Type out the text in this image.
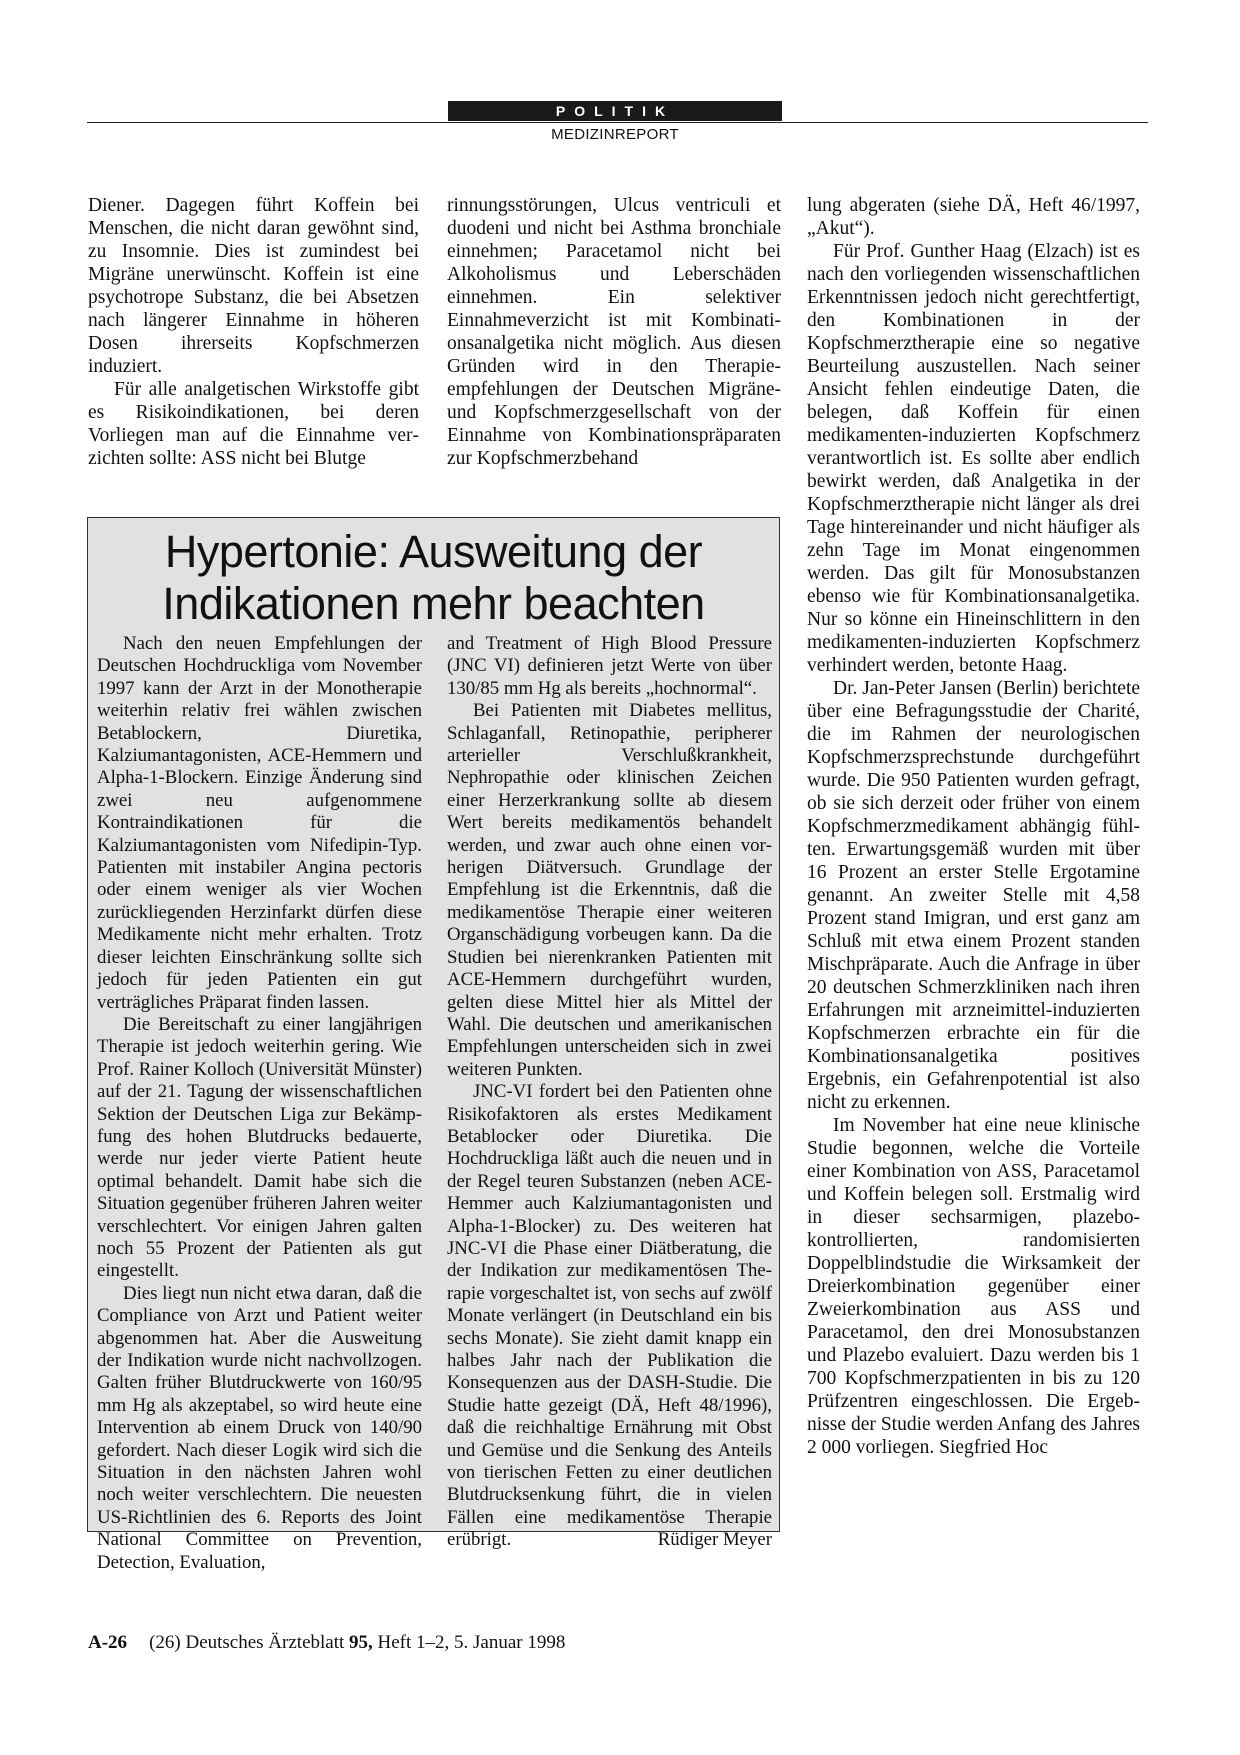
POLITIK
MEDIZINREPORT

Diener. Dagegen führt Koffein bei Menschen, die nicht daran gewöhnt sind, zu Insomnie. Dies ist zumindest bei Migräne unerwünscht. Koffein ist eine psychotrope Substanz, die bei Absetzen nach längerer Einnahme in höheren Dosen ihrerseits Kopfschmerzen induziert.

Für alle analgetischen Wirkstoffe gibt es Risikoindikationen, bei deren Vorliegen man auf die Einnahme verzichten sollte: ASS nicht bei Blutge

rinnungsstörungen, Ulcus ventriculi et duodeni und nicht bei Asthma bronchiale einnehmen; Paracetamol nicht bei Alkoholismus und Leberschäden einnehmen. Ein selektiver Einnahmeverzicht ist mit Kombinationsanalgetika nicht möglich. Aus diesen Gründen wird in den Therapieempfehlungen der Deutschen Migräne- und Kopfschmerzgesellschaft von der Einnahme von Kombinationspräparaten zur Kopfschmerzbehand

lung abgeraten (siehe DÄ, Heft 46/1997, „Akut“).

Für Prof. Gunther Haag (Elzach) ist es nach den vorliegenden wissenschaftlichen Erkenntnissen jedoch nicht gerechtfertigt, den Kombinationen in der Kopfschmerztherapie eine so negative Beurteilung auszustellen. Nach seiner Ansicht fehlen eindeutige Daten, die belegen, daß Koffein für einen medikamenten-induzierten Kopfschmerz verantwortlich ist. Es sollte aber endlich bewirkt werden, daß Analgetika in der Kopfschmerztherapie nicht länger als drei Tage hintereinander und nicht häufiger als zehn Tage im Monat eingenommen werden. Das gilt für Monosubstanzen ebenso wie für Kombinationsanalgetika. Nur so könne ein Hineinschlittern in den medikamenten-induzierten Kopfschmerz verhindert werden, betonte Haag.

Dr. Jan-Peter Jansen (Berlin) berichtete über eine Befragungsstudie der Charité, die im Rahmen der neurologischen Kopfschmerzsprechstunde durchgeführt wurde. Die 950 Patienten wurden gefragt, ob sie sich derzeit oder früher von einem Kopfschmerzmedikament abhängig fühlten. Erwartungsgemäß wurden mit über 16 Prozent an erster Stelle Ergotamine genannt. An zweiter Stelle mit 4,58 Prozent stand Imigran, und erst ganz am Schluß mit etwa einem Prozent standen Mischpräparate. Auch die Anfrage in über 20 deutschen Schmerzkliniken nach ihren Erfahrungen mit arzneimittel-induzierten Kopfschmerzen erbrachte ein für die Kombinationsanalgetika positives Ergebnis, ein Gefahrenpotential ist also nicht zu erkennen.

Im November hat eine neue klinische Studie begonnen, welche die Vorteile einer Kombination von ASS, Paracetamol und Koffein belegen soll. Erstmalig wird in dieser sechsarmigen, plazebo-kontrollierten, randomisierten Doppelblindstudie die Wirksamkeit der Dreierkombination gegenüber einer Zweierkombination aus ASS und Paracetamol, den drei Monosubstanzen und Plazebo evaluiert. Dazu werden bis 1 700 Kopfschmerzpatienten in bis zu 120 Prüfzentren eingeschlossen. Die Ergebnisse der Studie werden Anfang des Jahres 2 000 vorliegen. Siegfried Hoc

Hypertonie: Ausweitung der
Indikationen mehr beachten

Nach den neuen Empfehlungen der Deutschen Hochdruckliga vom November 1997 kann der Arzt in der Monotherapie weiterhin relativ frei wählen zwischen Betablockern, Diuretika, Kalziumantagonisten, ACE-Hemmern und Alpha-1-Blockern. Einzige Änderung sind zwei neu aufgenommene Kontraindikationen für die Kalziumantagonisten vom Nifedipin-Typ. Patienten mit instabiler Angina pectoris oder einem weniger als vier Wochen zurückliegenden Herzinfarkt dürfen diese Medikamente nicht mehr erhalten. Trotz dieser leichten Einschränkung sollte sich jedoch für jeden Patienten ein gut verträgliches Präparat finden lassen.

Die Bereitschaft zu einer langjährigen Therapie ist jedoch weiterhin gering. Wie Prof. Rainer Kolloch (Universität Münster) auf der 21. Tagung der wissenschaftlichen Sektion der Deutschen Liga zur Bekämpfung des hohen Blutdrucks bedauerte, werde nur jeder vierte Patient heute optimal behandelt. Damit habe sich die Situation gegenüber früheren Jahren weiter verschlechtert. Vor einigen Jahren galten noch 55 Prozent der Patienten als gut eingestellt.

Dies liegt nun nicht etwa daran, daß die Compliance von Arzt und Patient weiter abgenommen hat. Aber die Ausweitung der Indikation wurde nicht nachvollzogen. Galten früher Blutdruckwerte von 160/95 mm Hg als akzeptabel, so wird heute eine Intervention ab einem Druck von 140/90 gefordert. Nach dieser Logik wird sich die Situation in den nächsten Jahren wohl noch weiter verschlechtern. Die neuesten US-Richtlinien des 6. Reports des Joint National Committee on Prevention, Detection, Evaluation,

and Treatment of High Blood Pressure (JNC VI) definieren jetzt Werte von über 130/85 mm Hg als bereits „hochnormal“.

Bei Patienten mit Diabetes mellitus, Schlaganfall, Retinopathie, peripherer arterieller Verschlußkrankheit, Nephropathie oder klinischen Zeichen einer Herzerkrankung sollte ab diesem Wert bereits medikamentös behandelt werden, und zwar auch ohne einen vorherigen Diätversuch. Grundlage der Empfehlung ist die Erkenntnis, daß die medikamentöse Therapie einer weiteren Organschädigung vorbeugen kann. Da die Studien bei nierenkranken Patienten mit ACE-Hemmern durchgeführt wurden, gelten diese Mittel hier als Mittel der Wahl. Die deutschen und amerikanischen Empfehlungen unterscheiden sich in zwei weiteren Punkten.

JNC-VI fordert bei den Patienten ohne Risikofaktoren als erstes Medikament Betablocker oder Diuretika. Die Hochdruckliga läßt auch die neuen und in der Regel teuren Substanzen (neben ACE-Hemmer auch Kalziumantagonisten und Alpha-1-Blocker) zu. Des weiteren hat JNC-VI die Phase einer Diätberatung, die der Indikation zur medikamentösen Therapie vorgeschaltet ist, von sechs auf zwölf Monate verlängert (in Deutschland ein bis sechs Monate). Sie zieht damit knapp ein halbes Jahr nach der Publikation die Konsequenzen aus der DASH-Studie. Die Studie hatte gezeigt (DÄ, Heft 48/1996), daß die reichhaltige Ernährung mit Obst und Gemüse und die Senkung des Anteils von tierischen Fetten zu einer deutlichen Blutdrucksenkung führt, die in vielen Fällen eine medikamentöse Therapie erübrigt.	Rüdiger Meyer

A-26 (26) Deutsches Ärzteblatt 95, Heft 1–2, 5. Januar 1998
